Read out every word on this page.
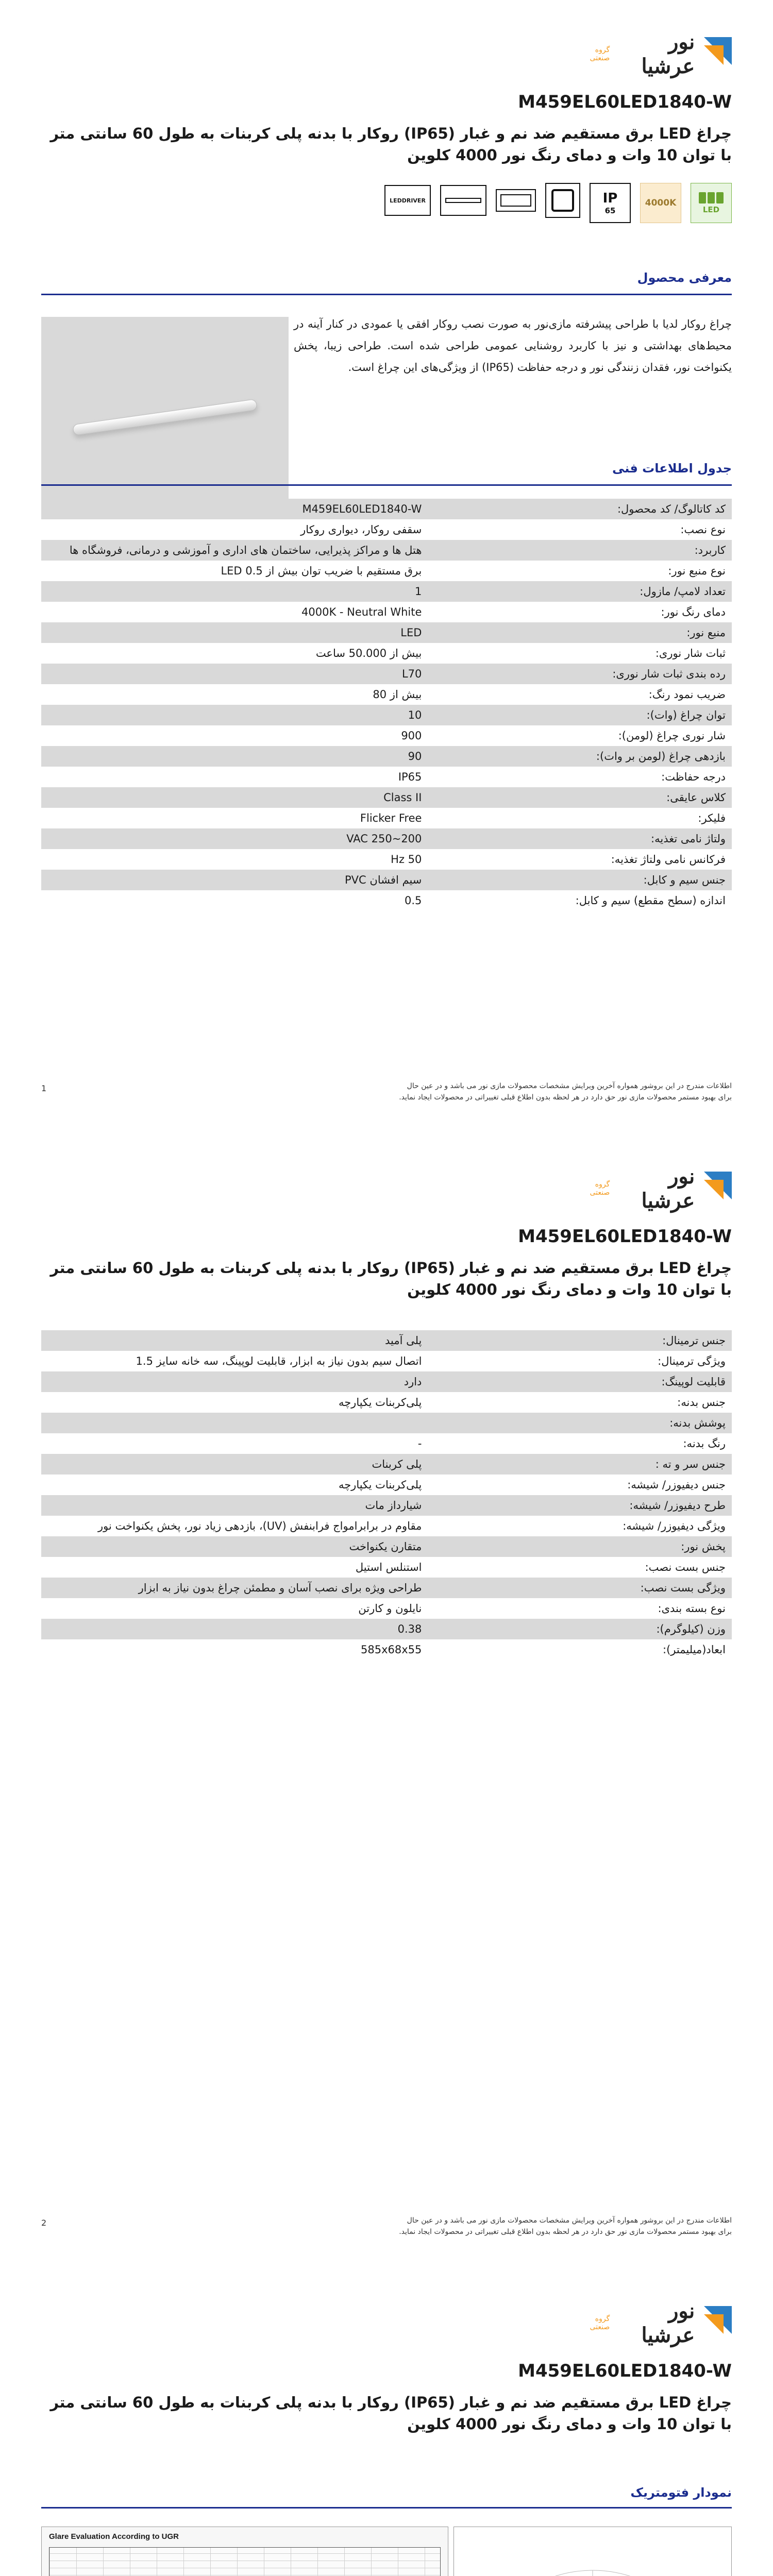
نور عرشیا
گروه صنعتی
M459EL60LED1840-W
چراغ LED برق مستقیم ضد نم و غبار (IP65) روکار با بدنه پلی کربنات به طول 60 سانتی متر با توان 10 وات و دمای رنگ نور 4000 کلوین
LEDDRIVER	IP
65
4000K
LED
معرفی محصول
چراغ روکار لدیا با طراحی پیشرفته مازی‌نور به صورت نصب روکار افقی یا عمودی در کنار آینه در محیط‌های بهداشتی و نیز با کاربرد روشنایی عمومی طراحی شده است. طراحی زیبا، پخش یکنواخت نور، فقدان زنندگی نور و درجه حفاظت (IP65) از ویژگی‌های این چراغ است.
جدول اطلاعات فنی
کد کاتالوگ/ کد محصول:	M459EL60LED1840-W
نوع نصب:	سقفی روکار، دیواری روکار
کاربرد:	هتل ها و مراکز پذیرایی، ساختمان های اداری و آموزشی و درمانی، فروشگاه ها
نوع منبع نور:	برق مستقیم با ضریب توان بیش از 0.5 LED
تعداد لامپ/ مازول:	1
دمای رنگ نور:	4000K - Neutral White
منبع نور:	LED
ثبات شار نوری:	بیش از 50.000 ساعت
رده بندی ثبات شار نوری:	L70
ضریب نمود رنگ:	بیش از 80
توان چراغ (وات):	10
شار نوری چراغ (لومن):	900
بازدهی چراغ (لومن بر وات):	90
درجه حفاظت:	IP65
کلاس عایقی:	Class II
فلیکر:	Flicker Free
ولتاژ نامی تغذیه:	200~250 VAC
فرکانس نامی ولتاژ تغذیه:	50 Hz
جنس سیم و کابل:	سیم افشان PVC
اندازه (سطح مقطع) سیم و کابل:	0.5
اطلاعات مندرج در این بروشور همواره آخرین ویرایش مشخصات محصولات مازی نور می باشد و در عین حال
برای بهبود مستمر محصولات مازی نور حق دارد در هر لحظه بدون اطلاع قبلی تغییراتی در محصولات ایجاد نماید.
1
نور عرشیا
گروه صنعتی
M459EL60LED1840-W
چراغ LED برق مستقیم ضد نم و غبار (IP65) روکار با بدنه پلی کربنات به طول 60 سانتی متر با توان 10 وات و دمای رنگ نور 4000 کلوین
جنس ترمینال:	پلی آمید
ویژگی ترمینال:	اتصال سیم بدون نیاز به ابزار، قابلیت لوپینگ، سه خانه سایز 1.5
قابلیت لوپینگ:	دارد
جنس بدنه:	پلی‌کربنات یکپارچه
پوشش بدنه:	
رنگ بدنه:	-
جنس سر و ته :	پلی کربنات
جنس دیفیوزر/ شیشه:	پلی‌کربنات یکپارچه
طرح دیفیوزر/ شیشه:	شیارداز مات
ویژگی دیفیوزر/ شیشه:	مقاوم در برابرامواج فرابنفش (UV)، بازدهی زیاد نور، پخش یکنواخت نور
پخش نور:	متقارن یکنواخت
جنس بست نصب:	استنلس استیل
ویژگی بست نصب:	طراحی ویژه برای نصب آسان و مطمئن چراغ بدون نیاز به ابزار
نوع بسته بندی:	نایلون و کارتن
وزن (کیلوگرم):	0.38
ابعاد(میلیمتر):	585x68x55
اطلاعات مندرج در این بروشور همواره آخرین ویرایش مشخصات محصولات مازی نور می باشد و در عین حال
برای بهبود مستمر محصولات مازی نور حق دارد در هر لحظه بدون اطلاع قبلی تغییراتی در محصولات ایجاد نماید.
2
نور عرشیا
گروه صنعتی
M459EL60LED1840-W
چراغ LED برق مستقیم ضد نم و غبار (IP65) روکار با بدنه پلی کربنات به طول 60 سانتی متر با توان 10 وات و دمای رنگ نور 4000 کلوین
نمودار فتومتریک
Glare Evaluation According to UGR
